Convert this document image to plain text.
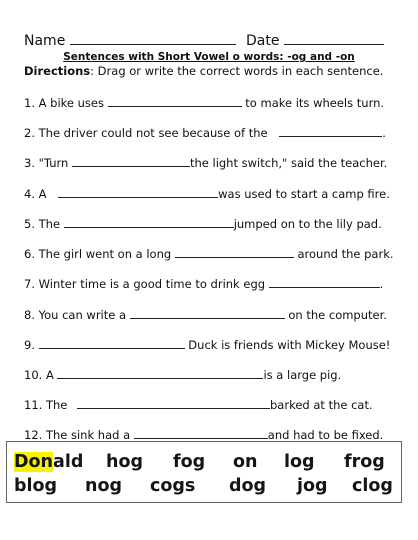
Name	Date
Sentences with Short Vowel o words: -og and -on
Directions: Drag or write the correct words in each sentence.
1. A bike uses	to make its wheels turn.
2. The driver could not see because of the	.
3. "Turn	the light switch," said the teacher.
4. A	was used to start a camp fire.
5. The	jumped on to the lily pad.
6. The girl went on a long	around the park.
7. Winter time is a good time to drink egg	.
8. You can write a	on the computer.
9.	Duck is friends with Mickey Mouse!
10. A	is a large pig.
11. The	barked at the cat.
12. The sink had a	and had to be fixed.
Donald hog fog on log frog
blog nog cogs dog jog clog
